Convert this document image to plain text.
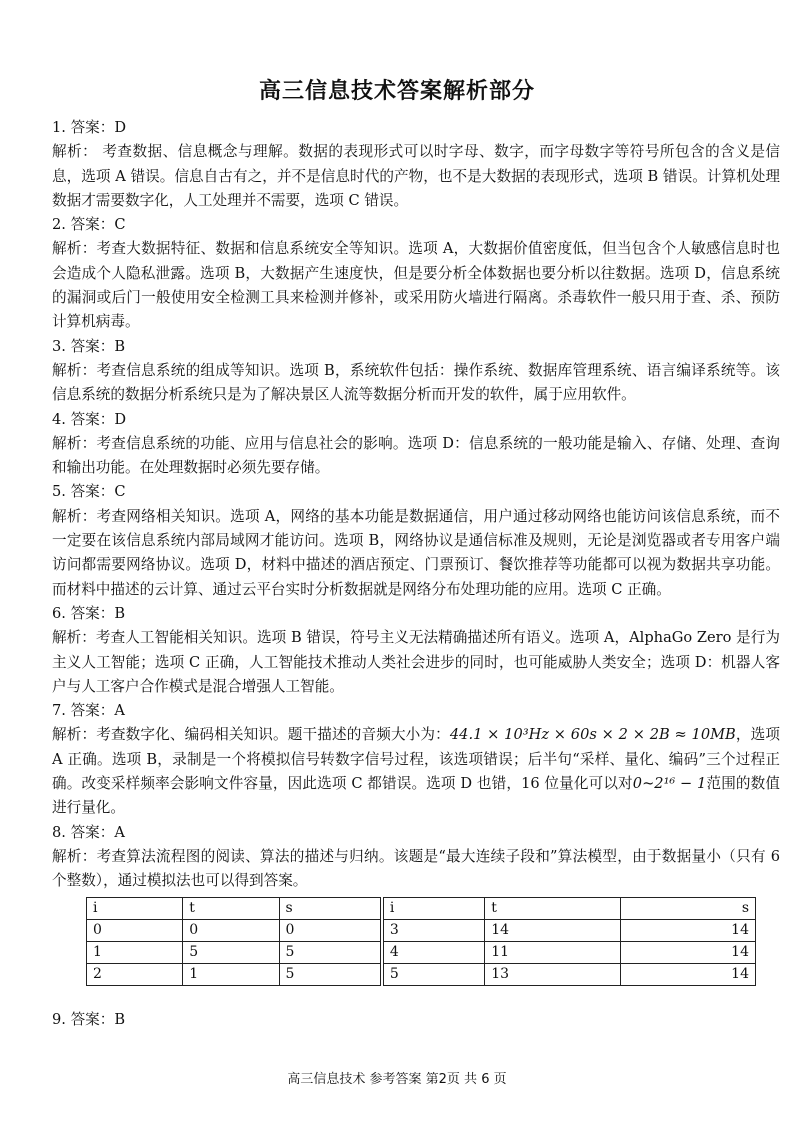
高三信息技术答案解析部分

1. 答案：D

解析： 考查数据、信息概念与理解。数据的表现形式可以时字母、数字，而字母数字等符号所包含的含义是信息，选项 A 错误。信息自古有之，并不是信息时代的产物，也不是大数据的表现形式，选项 B 错误。计算机处理数据才需要数字化，人工处理并不需要，选项 C 错误。

2. 答案：C

解析：考查大数据特征、数据和信息系统安全等知识。选项 A，大数据价值密度低，但当包含个人敏感信息时也会造成个人隐私泄露。选项 B，大数据产生速度快，但是要分析全体数据也要分析以往数据。选项 D，信息系统的漏洞或后门一般使用安全检测工具来检测并修补，或采用防火墙进行隔离。杀毒软件一般只用于查、杀、预防计算机病毒。

3. 答案：B

解析：考查信息系统的组成等知识。选项 B，系统软件包括：操作系统、数据库管理系统、语言编译系统等。该信息系统的数据分析系统只是为了解决景区人流等数据分析而开发的软件，属于应用软件。

4. 答案：D

解析：考查信息系统的功能、应用与信息社会的影响。选项 D：信息系统的一般功能是输入、存储、处理、查询和输出功能。在处理数据时必须先要存储。

5. 答案：C

解析：考查网络相关知识。选项 A，网络的基本功能是数据通信，用户通过移动网络也能访问该信息系统，而不一定要在该信息系统内部局域网才能访问。选项 B，网络协议是通信标准及规则，无论是浏览器或者专用客户端访问都需要网络协议。选项 D，材料中描述的酒店预定、门票预订、餐饮推荐等功能都可以视为数据共享功能。而材料中描述的云计算、通过云平台实时分析数据就是网络分布处理功能的应用。选项 C 正确。

6. 答案：B

解析：考查人工智能相关知识。选项 B 错误，符号主义无法精确描述所有语义。选项 A，AlphaGo Zero 是行为主义人工智能；选项 C 正确，人工智能技术推动人类社会进步的同时，也可能威胁人类安全；选项 D：机器人客户与人工客户合作模式是混合增强人工智能。

7. 答案：A

解析：考查数字化、编码相关知识。题干描述的音频大小为：44.1 × 10³Hz × 60s × 2 × 2B ≈ 10MB，选项 A 正确。选项 B，录制是一个将模拟信号转数字信号过程，该选项错误；后半句“采样、量化、编码”三个过程正确。改变采样频率会影响文件容量，因此选项 C 都错误。选项 D 也错，16 位量化可以对0~2¹⁶ − 1范围的数值进行量化。

8. 答案：A

解析：考查算法流程图的阅读、算法的描述与归纳。该题是“最大连续子段和”算法模型，由于数据量小（只有 6 个整数），通过模拟法也可以得到答案。

i	t	s	i	t	s
0	0	0	3	14	14
1	5	5	4	11	14
2	1	5	5	13	14

9. 答案：B

高三信息技术 参考答案 第2页 共 6 页
